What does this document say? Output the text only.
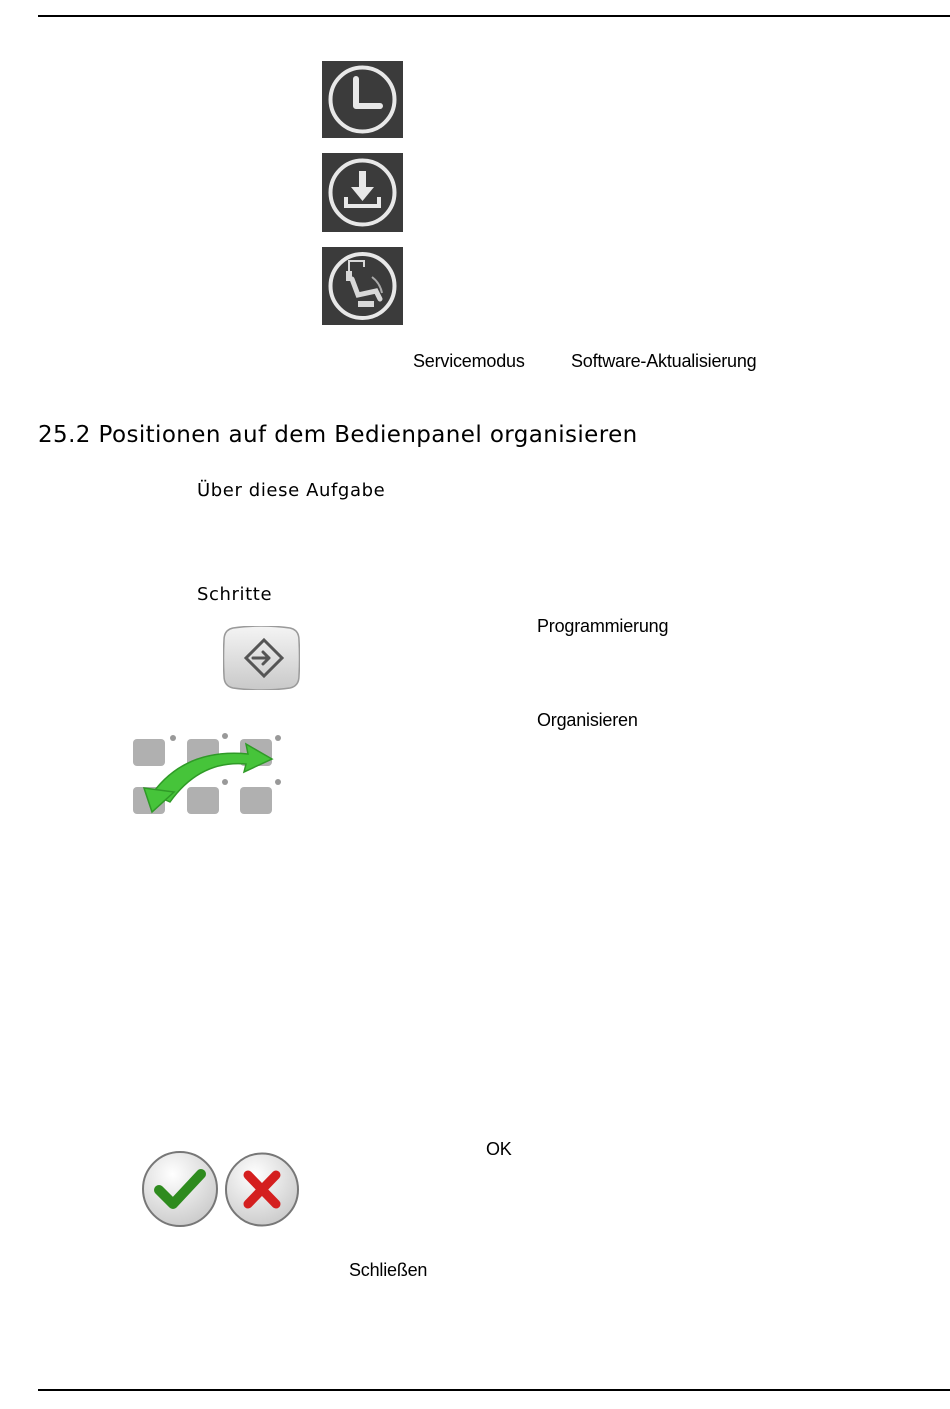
Servicemodus	Software-Aktualisierung
25.2 Positionen auf dem Bedienpanel organisieren
Über diese Aufgabe
Schritte
Programmierung
Organisieren
OK
Schließen
